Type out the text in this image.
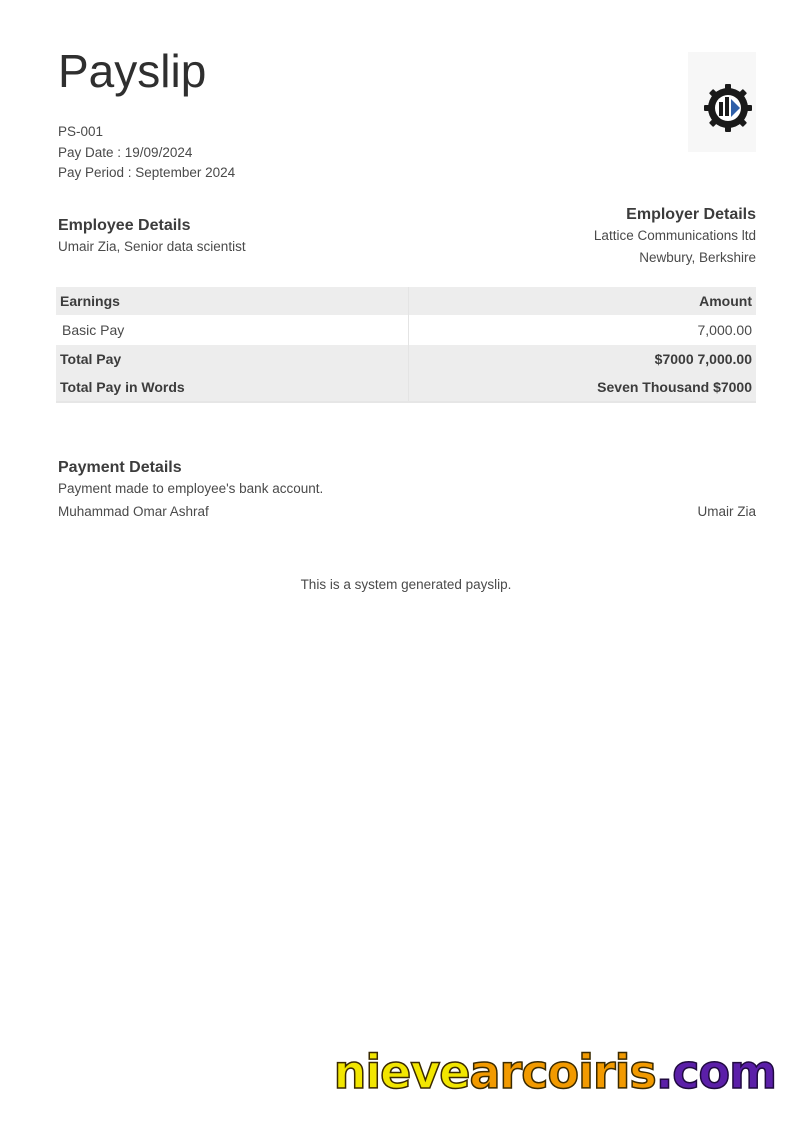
Payslip
PS-001
Pay Date : 19/09/2024
Pay Period : September 2024
Employee Details
Umair Zia, Senior data scientist
Employer Details
Lattice Communications ltd
Newbury, Berkshire
Earnings	Amount
Basic Pay	7,000.00
Total Pay	$7000 7,000.00
Total Pay in Words	Seven Thousand $7000
Payment Details
Payment made to employee's bank account.
Muhammad Omar Ashraf	Umair Zia
This is a system generated payslip.
nievearcoiris.com
